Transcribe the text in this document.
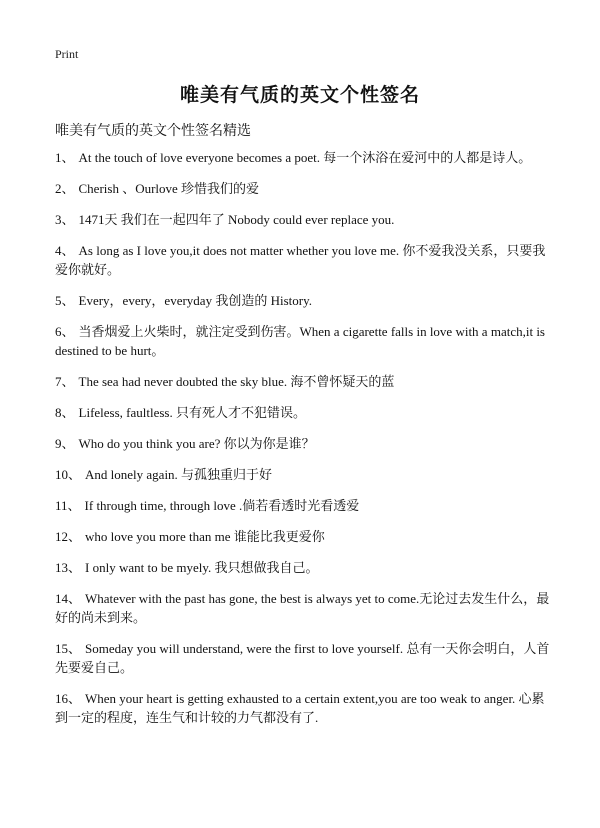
Print
唯美有气质的英文个性签名
唯美有气质的英文个性签名精选
1、 At the touch of love everyone becomes a poet. 每一个沐浴在爱河中的人都是诗人。
2、 Cherish 、Ourlove 珍惜我们的爱
3、 1471天 我们在一起四年了 Nobody could ever replace you.
4、 As long as I love you,it does not matter whether you love me. 你不爱我没关系，只要我爱你就好。
5、 Every，every，everyday 我创造的 History.
6、 当香烟爱上火柴时，就注定受到伤害。When a cigarette falls in love with a match,it is destined to be hurt。
7、 The sea had never doubted the sky blue. 海不曾怀疑天的蓝
8、 Lifeless, faultless. 只有死人才不犯错误。
9、 Who do you think you are? 你以为你是谁？
10、 And lonely again. 与孤独重归于好
11、 If through time, through love .倘若看透时光看透爱
12、 who love you more than me 谁能比我更爱你
13、 I only want to be myely. 我只想做我自己。
14、 Whatever with the past has gone, the best is always yet to come.无论过去发生什么，最好的尚未到来。
15、 Someday you will understand, were the first to love yourself. 总有一天你会明白，人首先要爱自己。
16、 When your heart is getting exhausted to a certain extent,you are too weak to anger. 心累到一定的程度，连生气和计较的力气都没有了.
